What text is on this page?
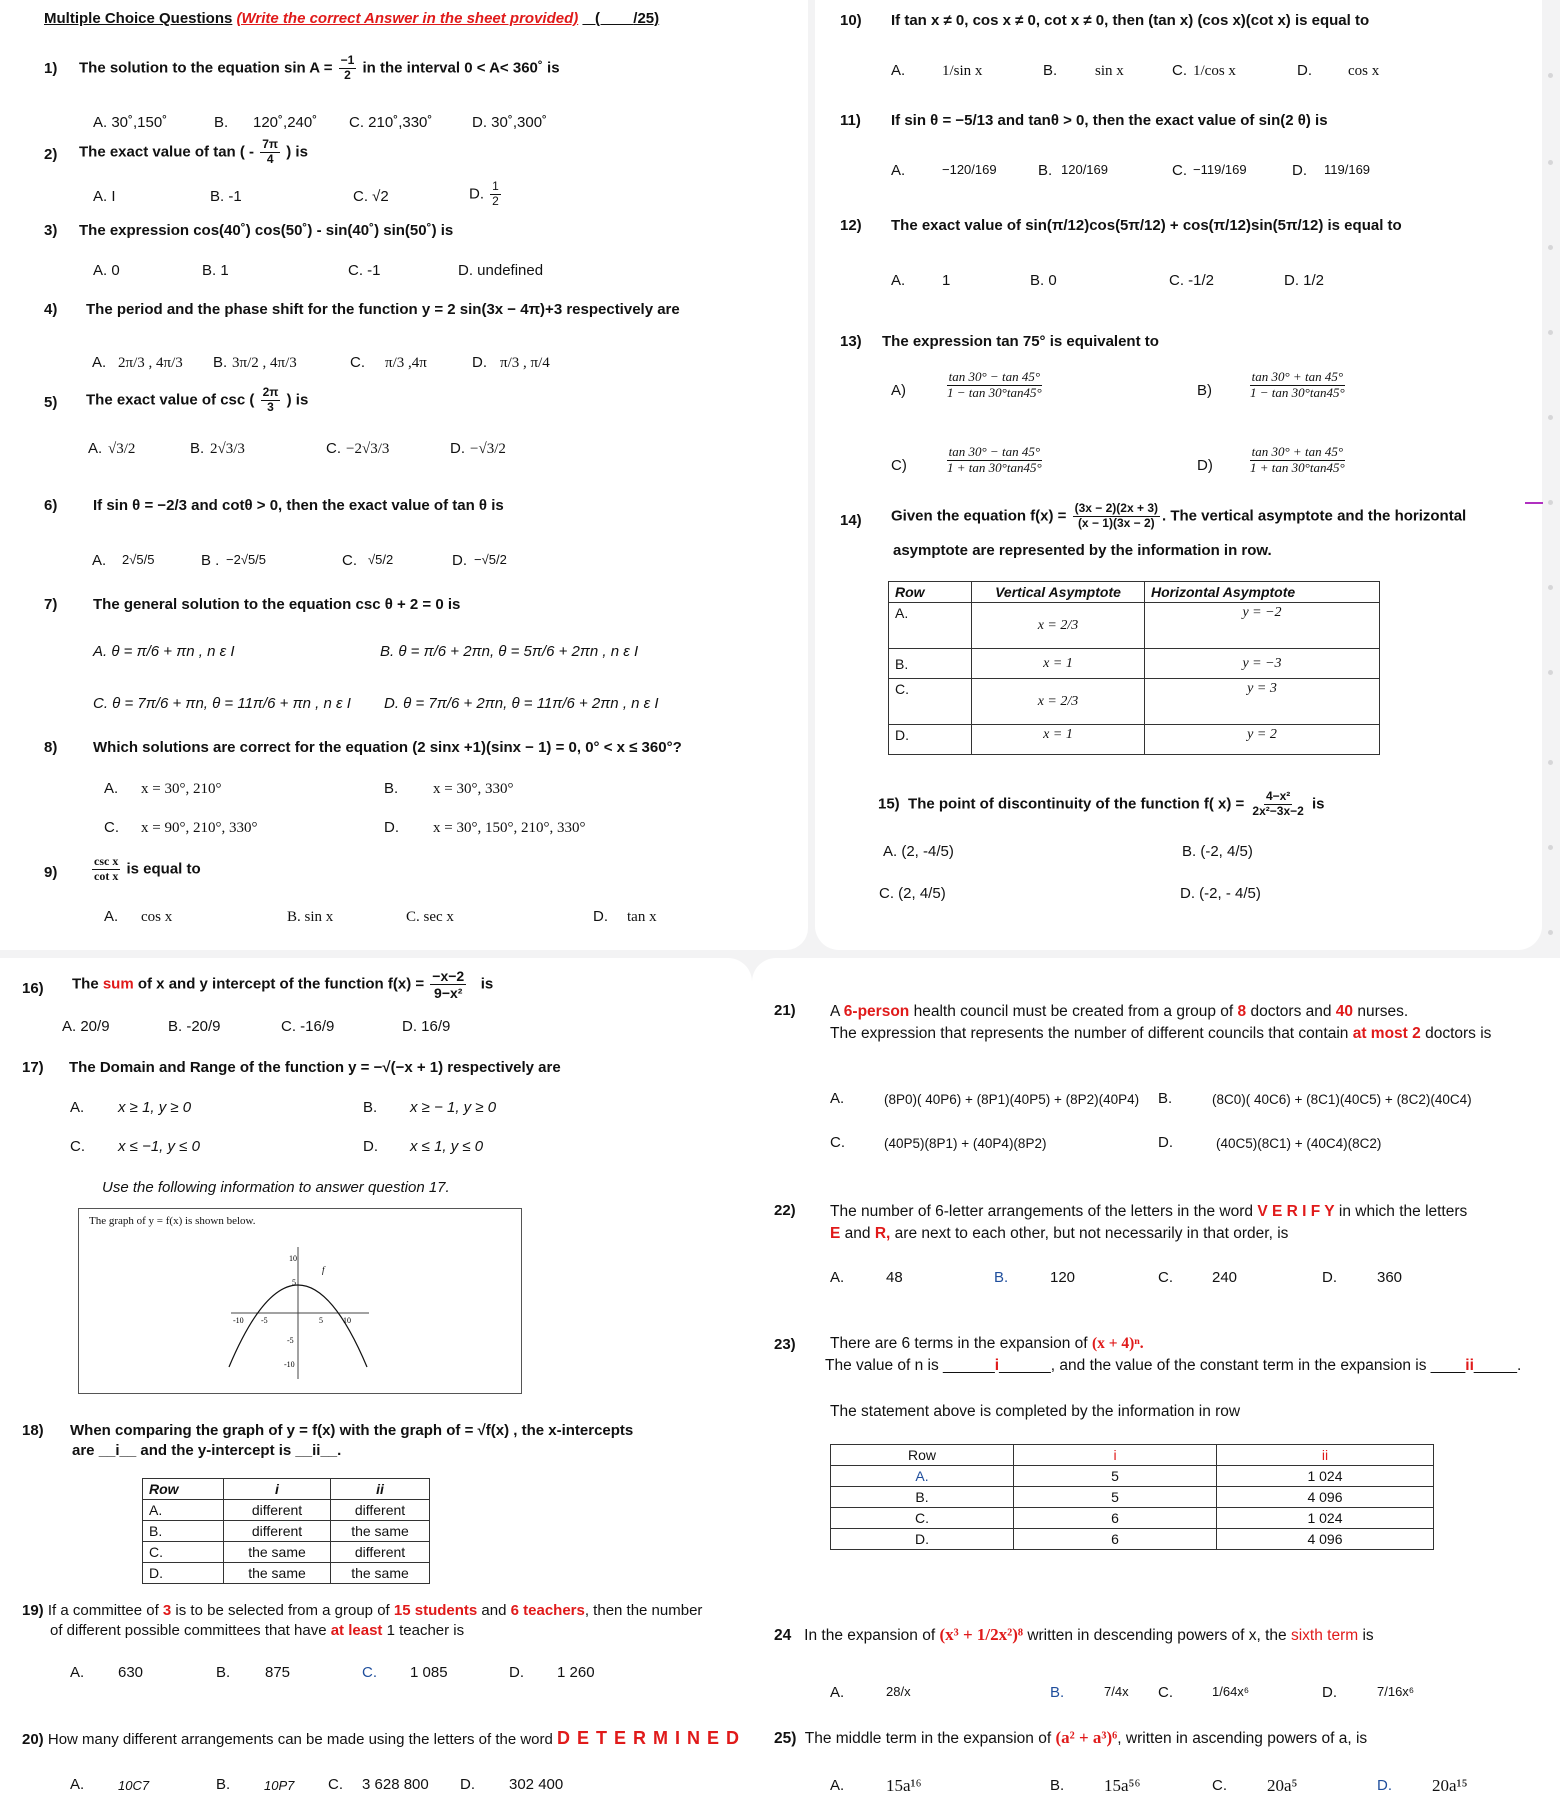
Multiple Choice Questions (Write the correct Answer in the sheet provided)    (        /25)
1) The solution to the equation $\sin A = \frac{-1}{2}$ in the interval 0 < A< 360˚ is
A. 30˚,150˚	B. 120˚,240˚ C. 210˚,330˚	D. 30˚,300˚
2) The exact value of tan ( - $\frac{7\pi}{4}$ ) is
A. I	B. -1	C. √2	D. $\frac{1}{2}$
3) The expression cos(40˚) cos(50˚) - sin(40˚) sin(50˚) is
A. 0	B. 1	C. -1	D. undefined
4) The period and the phase shift for the function y = 2 sin(3x − 4π)+3 respectively are
A. 2π/3 , 4π/3 B. 3π/2 , 4π/3	C. π/3 ,4π	D. π/3 , π/4
5) The exact value of csc ( $\frac{2\pi}{3}$ ) is
A. √3/2	B. 2√3/3	C. −2√3/3	D. −√3/2
6) If sin θ = −2/3 and cotθ > 0, then the exact value of tan θ is
A. 2√5/5	B . −2√5/5	C. √5/2	D. −√5/2
7) The general solution to the equation csc θ + 2 = 0 is
A. θ = π/6 + πn , n ε I	B. θ = π/6 + 2πn, θ = 5π/6 + 2πn , n ε I
C. θ = 7π/6 + πn, θ = 11π/6 + πn , n ε I D. θ = 7π/6 + 2πn, θ = 11π/6 + 2πn , n ε I
8) Which solutions are correct for the equation (2 sinx +1)(sinx − 1) = 0, 0° < x ≤ 360°?
A. x = 30°, 210°	B. x = 30°, 330°
C. x = 90°, 210°, 330°	D. x = 30°, 150°, 210°, 330°
9)
csc x
cot x is equal to
A. cos x	B. sin x	C. sec x	D. tan x
10) If tan x ≠ 0, cos x ≠ 0, cot x ≠ 0, then (tan x) (cos x)(cot x) is equal to
A. 1/sin x	B.	sin x	C. 1/cos x	D. cos x
11) If sin θ = −5/13 and tanθ > 0, then the exact value of sin(2 θ) is
A.	−120/169	B. 120/169	C. −119/169	D. 119/169
12) The exact value of sin(π/12)cos(5π/12) + cos(π/12)sin(5π/12) is equal to
A. 1	B. 0	C. -1/2	D. 1/2
13) The expression tan 75° is equivalent to
A)	$\frac{\tan 30^\circ - \tan 45^\circ}{1 - \tan 30^\circ\tan 45^\circ}$	B)	$\frac{\tan 30^\circ + \tan 45^\circ}{1 - \tan 30^\circ\tan 45^\circ}$
C)	$\frac{\tan 30^\circ - \tan 45^\circ}{1 + \tan 30^\circ\tan 45^\circ}$	D)	$\frac{\tan 30^\circ + \tan 45^\circ}{1 + \tan 30^\circ\tan 45^\circ}$
14) Given the equation $f(x) = \frac{(3x - 2)(2x + 3)}{(x - 1)(3x - 2)}$ . The vertical asymptote and the horizontal
asymptote are represented by the information in row.
Row	Vertical Asymptote	Horizontal Asymptote
A.	x = 2/3	y = −2
B.	x = 1	y = −3
C.	x = 2/3	y = 3
D.	x = 1	y = 2
15) The point of discontinuity of the function f( $x) = \frac{\text{4−x²}}{\text{2x²−3x−2}}$ is
A. (2, -4/5)	B. (-2, 4/5)
C. (2, 4/5)	D. (-2, - 4/5)
16) The sum of x and y intercept of the function $f(x) = \frac{-x-2}{\text{9−x²}}$ is
A. 20/9	B. -20/9	C. -16/9	D. 16/9
17) The Domain and Range of the function y = −√(−x + 1) respectively are
A. x ≥ 1, y ≥ 0	B. x ≥ − 1, y ≥ 0
C. x ≤ −1, y ≤ 0	D. x ≤ 1, y ≤ 0
Use the following information to answer question 17.
The graph of y = f(x) is shown below.
10
5
-10 -5	5	10
-5
-10
f
18) When comparing the graph of y = f(x) with the graph of = √f(x) , the x-intercepts
are __i__ and the y-intercept is __ii__.
Row	i	ii
A.	different	different
B.	different	the same
C.	the same	different
D.	the same	the same
19) If a committee of 3 is to be selected from a group of 15 students and 6 teachers, then the number
of different possible committees that have at least 1 teacher is
A. 630	B. 875	C. 1 085	D. 1 260
20) How many different arrangements can be made using the letters of the word D E T E R M I N E D
A.	10C7	B.	10P7 C. 3 628 800 D. 302 400
21) A 6-person health council must be created from a group of 8 doctors and 40 nurses.
The expression that represents the number of different councils that contain at most 2 doctors is
A.	(8P0)( 40P6) + (8P1)(40P5) + (8P2)(40P4) B.	(8C0)( 40C6) + (8C1)(40C5) + (8C2)(40C4)
C.	(40P5)(8P1) + (40P4)(8P2)	D.	(40C5)(8C1) + (40C4)(8C2)
22) The number of 6-letter arrangements of the letters in the word V E R I F Y in which the letters
E and R, are next to each other, but not necessarily in that order, is
A.	48	B.	120	C.	240	D.	360
23) There are 6 terms in the expansion of (x + 4)ⁿ.
The value of n is ______i______, and the value of the constant term in the expansion is ____ii_____.
The statement above is completed by the information in row
Row	i	ii
A.	5	1 024
B.	5	4 096
C.	6	1 024
D.	6	4 096
24 In the expansion of (x³ + 1/2x²)⁸ written in descending powers of x, the sixth term is
A.	28/x	B.	7/4x C.	1/64x⁶	D.	7/16x⁶
25) The middle term in the expansion of (a² + a³)⁶, written in ascending powers of a, is
A. 15a¹⁶	B. 15a⁵⁶	C. 20a⁵	D. 20a¹⁵
